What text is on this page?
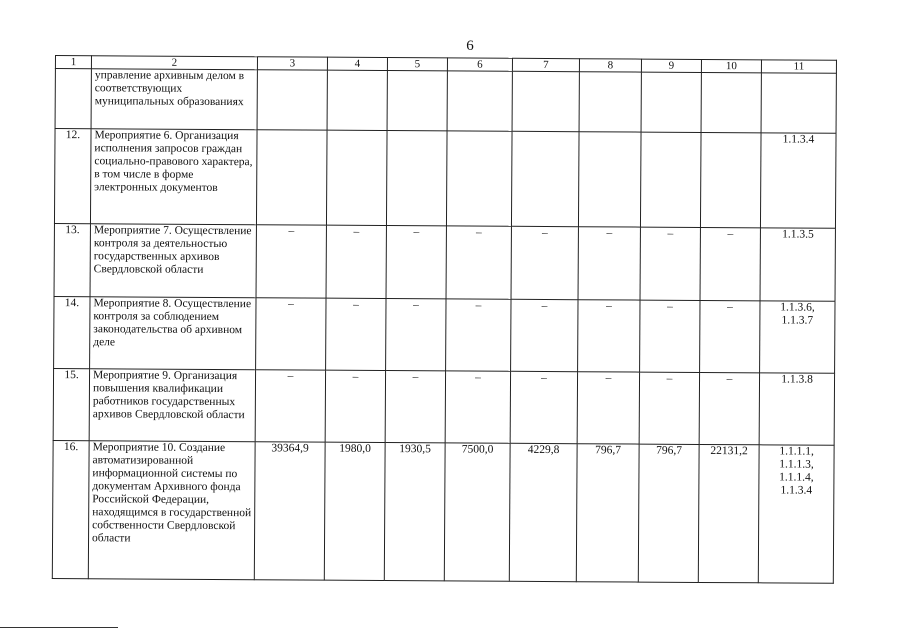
6
1	2	3	4	5	6	7	8	9	10	11
	управление архивным делом в соответствующих муниципальных образованиях									
12.	Мероприятие 6. Организация исполнения запросов граждан социально-правового характера, в том числе в форме электронных документов									1.1.3.4
13.	Мероприятие 7. Осуществление контроля за деятельностью государственных архивов Свердловской области	–	–	–	–	–	–	–	–	1.1.3.5
14.	Мероприятие 8. Осуществление контроля за соблюдением законодательства об архивном деле	–	–	–	–	–	–	–	–	1.1.3.6, 1.1.3.7
15.	Мероприятие 9. Организация повышения квалификации работников государственных архивов Свердловской области	–	–	–	–	–	–	–	–	1.1.3.8
16.	Мероприятие 10. Создание автоматизированной информационной системы по документам Архивного фонда Российской Федерации, находящимся в государственной собственности Свердловской области	39364,9	1980,0	1930,5	7500,0	4229,8	796,7	796,7	22131,2	1.1.1.1, 1.1.1.3, 1.1.1.4, 1.1.3.4
